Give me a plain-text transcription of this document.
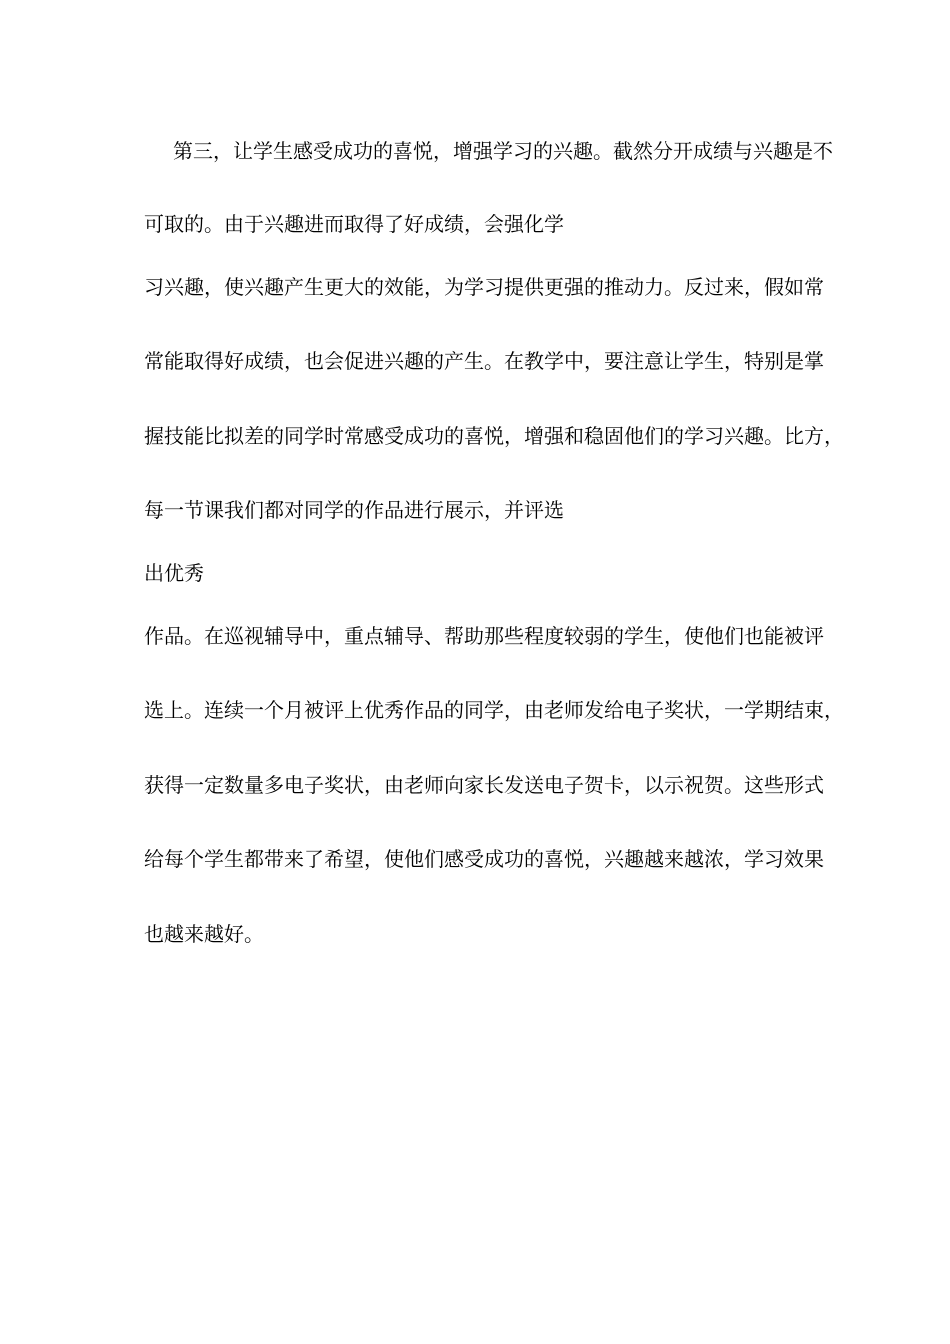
第三，让学生感受成功的喜悦，增强学习的兴趣。截然分开成绩与兴趣是不
可取的。由于兴趣进而取得了好成绩，会强化学
习兴趣，使兴趣产生更大的效能，为学习提供更强的推动力。反过来，假如常
常能取得好成绩，也会促进兴趣的产生。在教学中，要注意让学生，特别是掌
握技能比拟差的同学时常感受成功的喜悦，增强和稳固他们的学习兴趣。比方，
每一节课我们都对同学的作品进行展示，并评选
出优秀
作品。在巡视辅导中，重点辅导、帮助那些程度较弱的学生，使他们也能被评
选上。连续一个月被评上优秀作品的同学，由老师发给电子奖状，一学期结束，
获得一定数量多电子奖状，由老师向家长发送电子贺卡，以示祝贺。这些形式
给每个学生都带来了希望，使他们感受成功的喜悦，兴趣越来越浓，学习效果
也越来越好。
